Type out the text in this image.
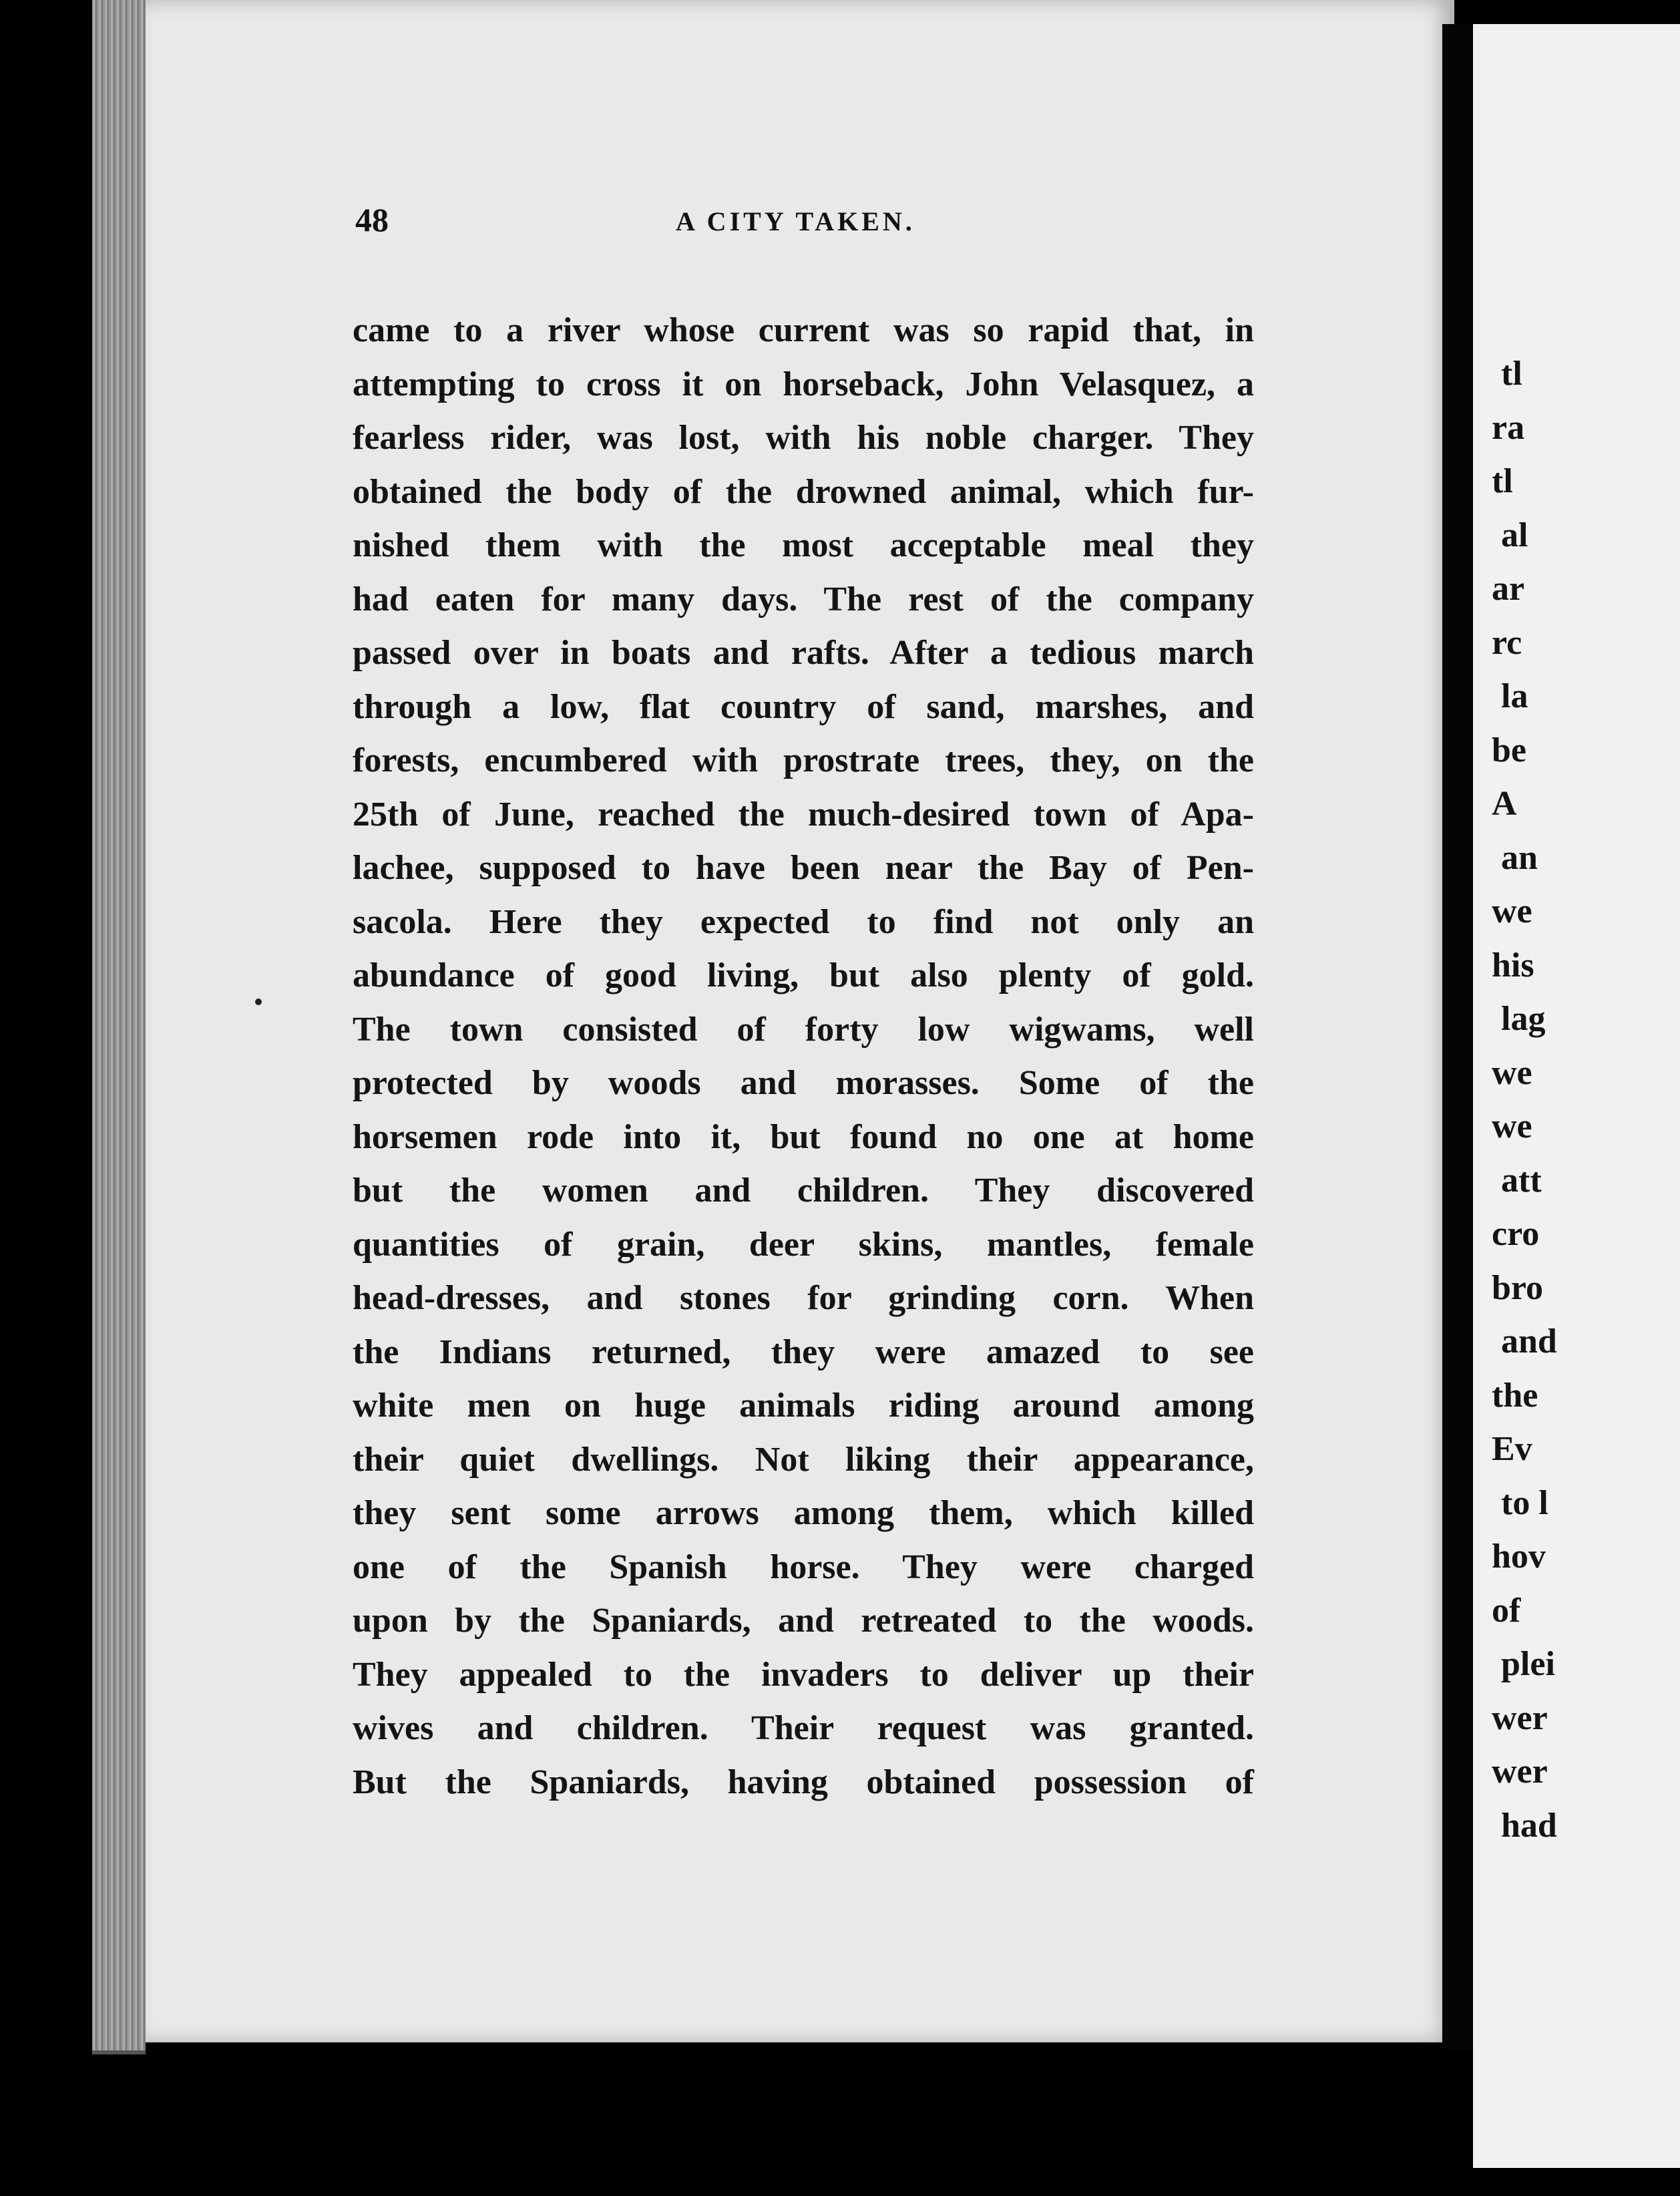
48	A CITY TAKEN.
came to a river whose current was so rapid that, in
attempting to cross it on horseback, John Velasquez, a
fearless rider, was lost, with his noble charger. They
obtained the body of the drowned animal, which fur-
nished them with the most acceptable meal they
had eaten for many days. The rest of the company
passed over in boats and rafts. After a tedious march
through a low, flat country of sand, marshes, and
forests, encumbered with prostrate trees, they, on the
25th of June, reached the much-desired town of Apa-
lachee, supposed to have been near the Bay of Pen-
sacola. Here they expected to find not only an
abundance of good living, but also plenty of gold.
The town consisted of forty low wigwams, well
protected by woods and morasses. Some of the
horsemen rode into it, but found no one at home
but the women and children. They discovered
quantities of grain, deer skins, mantles, female
head-dresses, and stones for grinding corn. When
the Indians returned, they were amazed to see
white men on huge animals riding around among
their quiet dwellings. Not liking their appearance,
they sent some arrows among them, which killed
one of the Spanish horse. They were charged
upon by the Spaniards, and retreated to the woods.
They appealed to the invaders to deliver up their
wives and children. Their request was granted.
But the Spaniards, having obtained possession of
tl
ra
tl
al
ar
rc
la
be
A
an
we
his
lag
we
we
att
cro
bro
and
the
Ev
to l
hov
of
plei
wer
wer
had
